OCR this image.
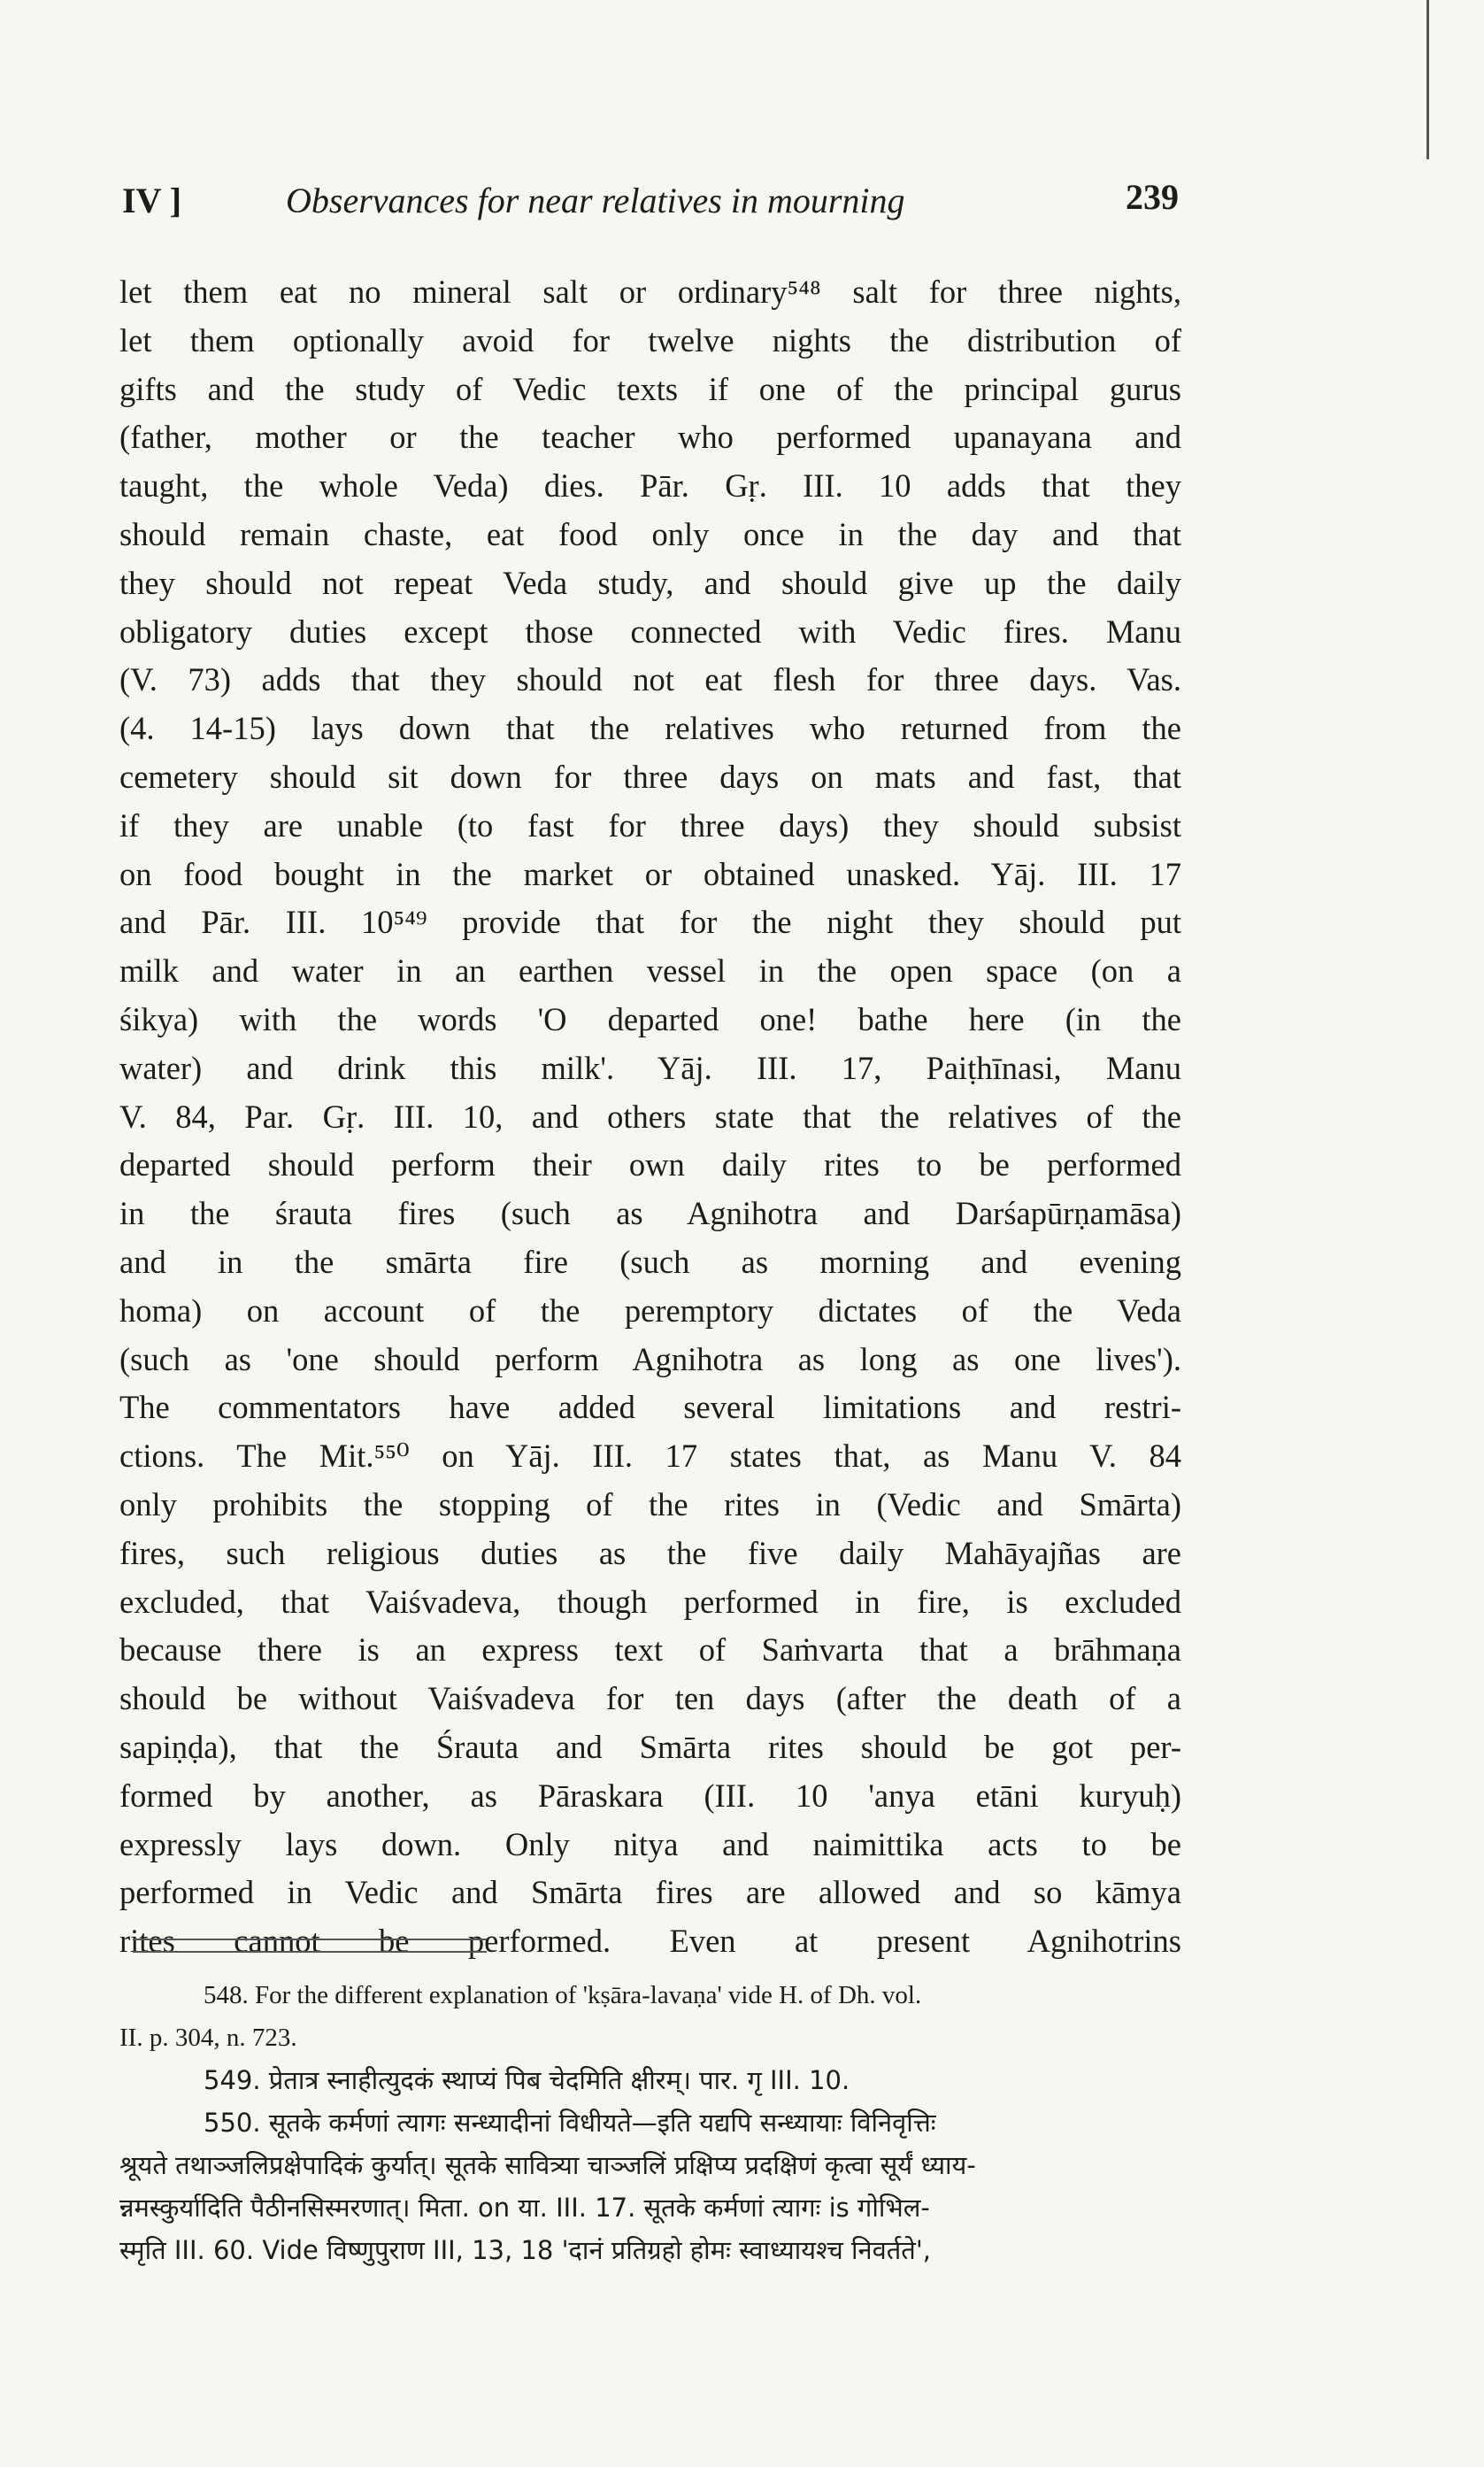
IV ]	Observances for near relatives in mourning	239
let them eat no mineral salt or ordinary⁵⁴⁸ salt for three nights,
let them optionally avoid for twelve nights the distribution of
gifts and the study of Vedic texts if one of the principal gurus
(father, mother or the teacher who performed upanayana and
taught, the whole Veda) dies. Pār. Gṛ. III. 10 adds that they
should remain chaste, eat food only once in the day and that
they should not repeat Veda study, and should give up the daily
obligatory duties except those connected with Vedic fires. Manu
(V. 73) adds that they should not eat flesh for three days. Vas.
(4. 14-15) lays down that the relatives who returned from the
cemetery should sit down for three days on mats and fast, that
if they are unable (to fast for three days) they should subsist
on food bought in the market or obtained unasked. Yāj. III. 17
and Pār. III. 10⁵⁴⁹ provide that for the night they should put
milk and water in an earthen vessel in the open space (on a
śikya) with the words 'O departed one! bathe here (in the
water) and drink this milk'. Yāj. III. 17, Paiṭhīnasi, Manu
V. 84, Par. Gṛ. III. 10, and others state that the relatives of the
departed should perform their own daily rites to be performed
in the śrauta fires (such as Agnihotra and Darśapūrṇamāsa)
and in the smārta fire (such as morning and evening
homa) on account of the peremptory dictates of the Veda
(such as 'one should perform Agnihotra as long as one lives').
The commentators have added several limitations and restri-
ctions. The Mit.⁵⁵⁰ on Yāj. III. 17 states that, as Manu V. 84
only prohibits the stopping of the rites in (Vedic and Smārta)
fires, such religious duties as the five daily Mahāyajñas are
excluded, that Vaiśvadeva, though performed in fire, is excluded
because there is an express text of Saṁvarta that a brāhmaṇa
should be without Vaiśvadeva for ten days (after the death of a
sapiṇḍa), that the Śrauta and Smārta rites should be got per-
formed by another, as Pāraskara (III. 10 'anya etāni kuryuḥ)
expressly lays down. Only nitya and naimittika acts to be
performed in Vedic and Smārta fires are allowed and so kāmya
rites cannot be performed. Even at present Agnihotrins
548. For the different explanation of 'kṣāra-lavaṇa' vide H. of Dh. vol.
II. p. 304, n. 723.
549. प्रेतात्र स्नाहीत्युदकं स्थाप्यं पिब चेदमिति क्षीरम्। पार. गृ III. 10.
550. सूतके कर्मणां त्यागः सन्ध्यादीनां विधीयते—इति यद्यपि सन्ध्यायाः विनिवृत्तिः
श्रूयते तथाञ्जलिप्रक्षेपादिकं कुर्यात्। सूतके सावित्र्या चाञ्जलिं प्रक्षिप्य प्रदक्षिणं कृत्वा सूर्यं ध्याय-
न्नमस्कुर्यादिति पैठीनसिस्मरणात्। मिता. on या. III. 17. सूतके कर्मणां त्यागः is गोभिल-
स्मृति III. 60. Vide विष्णुपुराण III, 13, 18 'दानं प्रतिग्रहो होमः स्वाध्यायश्च निवर्तते',
